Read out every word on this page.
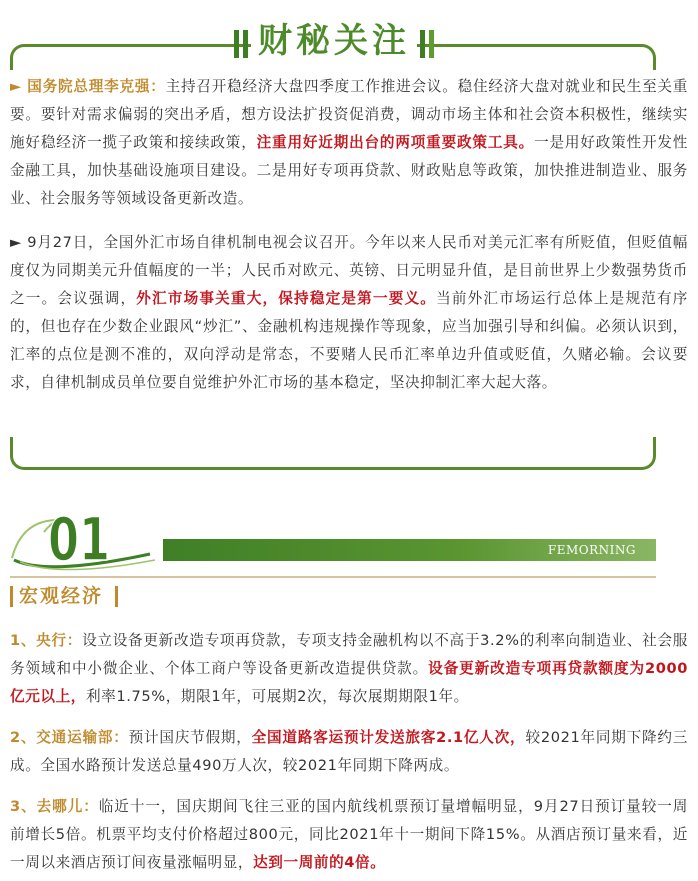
财秘关注
► 国务院总理李克强：主持召开稳经济大盘四季度工作推进会议。稳住经济大盘对就业和民生至关重要。要针对需求偏弱的突出矛盾，想方设法扩投资促消费，调动市场主体和社会资本积极性，继续实施好稳经济一揽子政策和接续政策，注重用好近期出台的两项重要政策工具。一是用好政策性开发性金融工具，加快基础设施项目建设。二是用好专项再贷款、财政贴息等政策，加快推进制造业、服务业、社会服务等领域设备更新改造。
► 9月27日，全国外汇市场自律机制电视会议召开。今年以来人民币对美元汇率有所贬值，但贬值幅度仅为同期美元升值幅度的一半；人民币对欧元、英镑、日元明显升值，是目前世界上少数强势货币之一。会议强调，外汇市场事关重大，保持稳定是第一要义。当前外汇市场运行总体上是规范有序的，但也存在少数企业跟风“炒汇”、金融机构违规操作等现象，应当加强引导和纠偏。必须认识到，汇率的点位是测不准的，双向浮动是常态，不要赌人民币汇率单边升值或贬值，久赌必输。会议要求，自律机制成员单位要自觉维护外汇市场的基本稳定，坚决抑制汇率大起大落。
01	FEMORNING
宏观经济
1、央行：设立设备更新改造专项再贷款，专项支持金融机构以不高于3.2%的利率向制造业、社会服务领域和中小微企业、个体工商户等设备更新改造提供贷款。设备更新改造专项再贷款额度为2000亿元以上，利率1.75%，期限1年，可展期2次，每次展期期限1年。
2、交通运输部：预计国庆节假期，全国道路客运预计发送旅客2.1亿人次，较2021年同期下降约三成。全国水路预计发送总量490万人次，较2021年同期下降两成。
3、去哪儿：临近十一，国庆期间飞往三亚的国内航线机票预订量增幅明显，9月27日预订量较一周前增长5倍。机票平均支付价格超过800元，同比2021年十一期间下降15%。从酒店预订量来看，近一周以来酒店预订间夜量涨幅明显，达到一周前的4倍。
